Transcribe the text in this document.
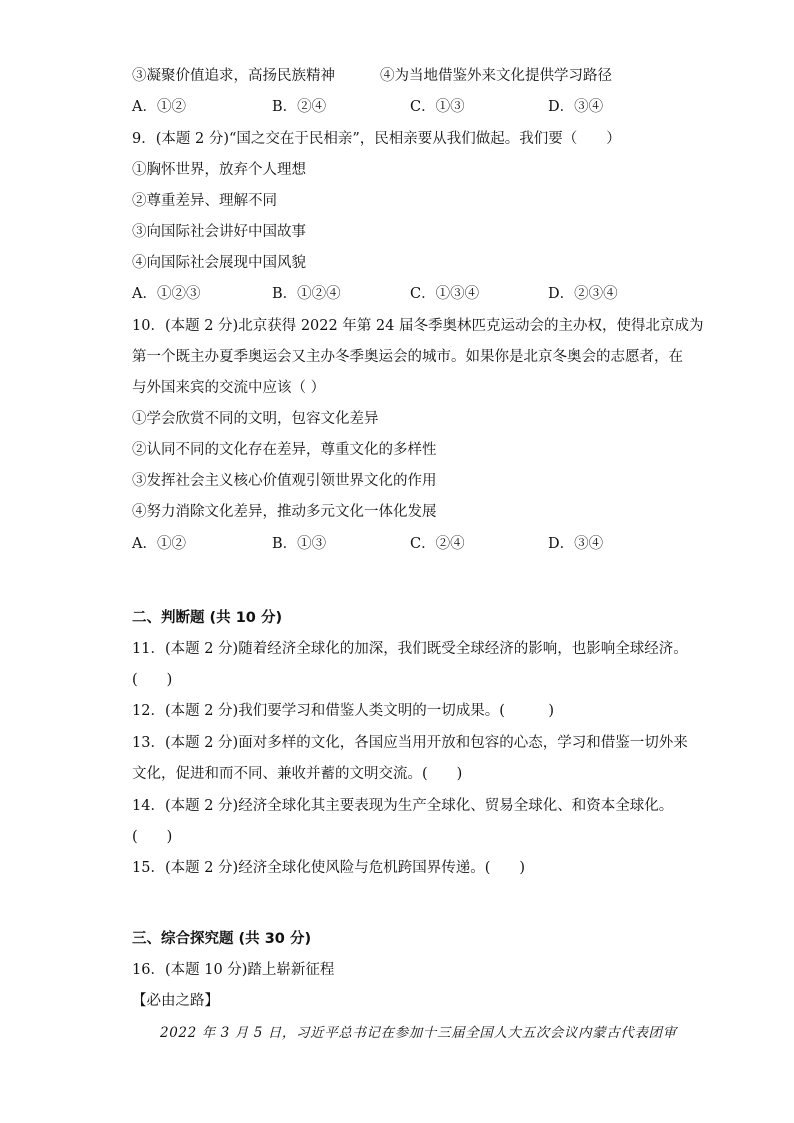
③凝聚价值追求，高扬民族精神	④为当地借鉴外来文化提供学习路径
A．①②	B．②④	C．①③	D．③④
9．(本题 2 分)“国之交在于民相亲”，民相亲要从我们做起。我们要（　　）
①胸怀世界，放弃个人理想
②尊重差异、理解不同
③向国际社会讲好中国故事
④向国际社会展现中国风貌
A．①②③	B．①②④	C．①③④	D．②③④
10．(本题 2 分)北京获得 2022 年第 24 届冬季奥林匹克运动会的主办权，使得北京成为
第一个既主办夏季奥运会又主办冬季奥运会的城市。如果你是北京冬奥会的志愿者，在
与外国来宾的交流中应该（ ）
①学会欣赏不同的文明，包容文化差异
②认同不同的文化存在差异，尊重文化的多样性
③发挥社会主义核心价值观引领世界文化的作用
④努力消除文化差异，推动多元文化一体化发展
A．①②	B．①③	C．②④	D．③④
二、判断题 (共 10 分)
11．(本题 2 分)随着经济全球化的加深，我们既受全球经济的影响，也影响全球经济。
(　　)
12．(本题 2 分)我们要学习和借鉴人类文明的一切成果。(　　　)
13．(本题 2 分)面对多样的文化，各国应当用开放和包容的心态，学习和借鉴一切外来
文化，促进和而不同、兼收并蓄的文明交流。(　　)
14．(本题 2 分)经济全球化其主要表现为生产全球化、贸易全球化、和资本全球化。
(　　)
15．(本题 2 分)经济全球化使风险与危机跨国界传递。(　　)
三、综合探究题 (共 30 分)
16．(本题 10 分)踏上崭新征程
【必由之路】
2022 年 3 月 5 日，习近平总书记在参加十三届全国人大五次会议内蒙古代表团审
